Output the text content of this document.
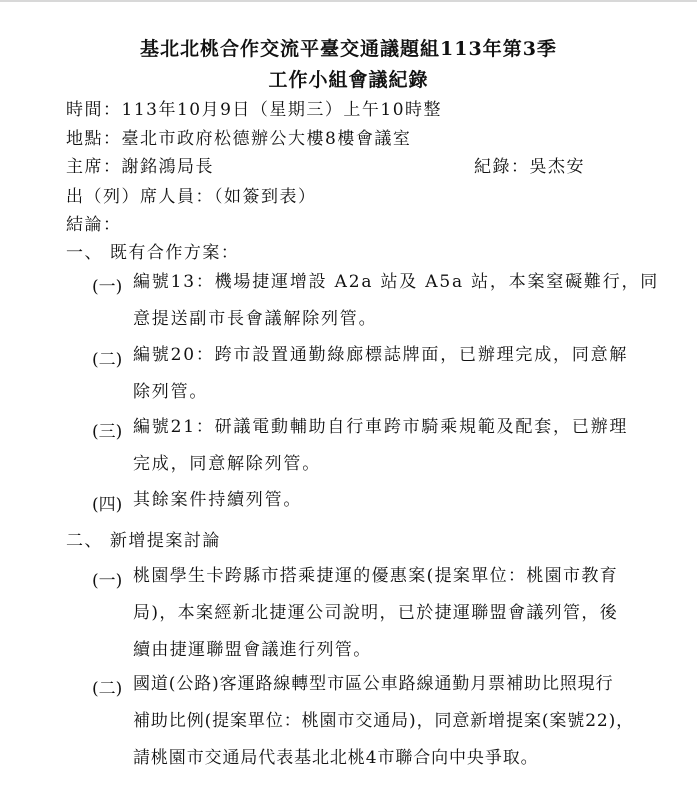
基北北桃合作交流平臺交通議題組113年第3季
工作小組會議紀錄
時間：113年10月9日（星期三）上午10時整
地點：臺北市政府松德辦公大樓8樓會議室
主席：謝銘鴻局長	紀錄：吳杰安
出（列）席人員：（如簽到表）
結論：
一、 既有合作方案：
(一) 編號13：機場捷運增設 A2a 站及 A5a 站，本案窒礙難行，同
意提送副市長會議解除列管。
(二) 編號20：跨市設置通勤綠廊標誌牌面，已辦理完成，同意解
除列管。
(三) 編號21：研議電動輔助自行車跨市騎乘規範及配套，已辦理
完成，同意解除列管。
(四) 其餘案件持續列管。
二、 新增提案討論
(一) 桃園學生卡跨縣市搭乘捷運的優惠案(提案單位：桃園市教育
局)，本案經新北捷運公司說明，已於捷運聯盟會議列管，後
續由捷運聯盟會議進行列管。
(二) 國道(公路)客運路線轉型市區公車路線通勤月票補助比照現行
補助比例(提案單位：桃園市交通局)，同意新增提案(案號22)，
請桃園市交通局代表基北北桃4市聯合向中央爭取。
